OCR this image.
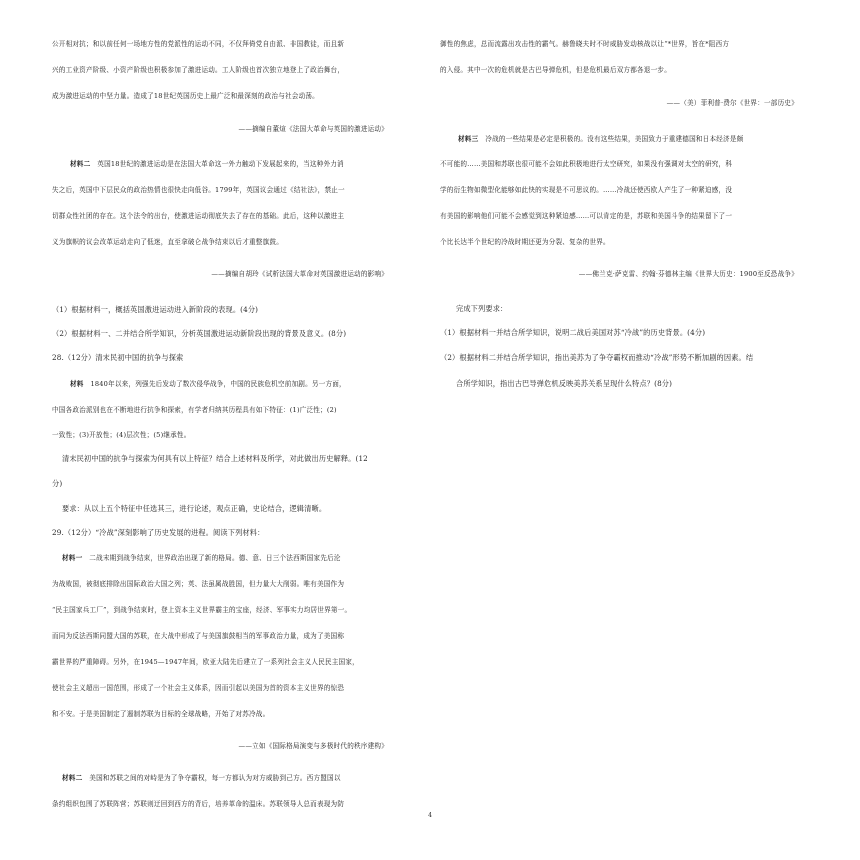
公开相对抗；和以前任何一场地方性的党派性的运动不同，不仅拜倚党自由派、非国教徒，而且新

兴的工业资产阶级、小资产阶级也积极参加了激进运动。工人阶级也首次独立地登上了政治舞台，

成为激进运动的中坚力量。造成了18世纪英国历史上最广泛和最深刻的政治与社会动荡。

——摘编自董煊《法国大革命与英国的激进运动》

材料二 英国18世纪的激进运动是在法国大革命这一外力触动下发展起来的，当这种外力消

失之后，英国中下层民众的政治热情也很快走向低谷。1799年，英国议会通过《结社法》，禁止一

切群众性社团的存在。这个法令的出台，使激进运动彻底失去了存在的基础。此后，这种以激进主

义为旗帜的议会改革运动走向了低迷，直至拿破仑战争结束以后才重整旗鼓。

——摘编自胡玲《试析法国大革命对英国激进运动的影响》

（1）根据材料一，概括英国激进运动进入新阶段的表现。(4分)

（2）根据材料一、二并结合所学知识，分析英国激进运动新阶段出现的背景及意义。(8分)

28.（12分）清末民初中国的抗争与探索

材料 1840年以来，列强先后发动了数次侵华战争，中国的民族危机空前加剧。另一方面，

中国各政治派别也在不断地进行抗争和探索，有学者归纳其历程具有如下特征：(1)广泛性；(2)

一致性；(3)开放性；(4)层次性；(5)继承性。

清末民初中国的抗争与探索为何具有以上特征？结合上述材料及所学，对此做出历史解释。(12

分)

要求：从以上五个特征中任选其三，进行论述，观点正确，史论结合，逻辑清晰。

29.（12分）“冷战”深刻影响了历史发展的进程。阅读下列材料：

材料一 二战末期到战争结束，世界政治出现了新的格局。德、意、日三个法西斯国家先后沦

为战败国，被彻底排除出国际政治大国之列；英、法虽属战胜国，但力量大大削弱。唯有美国作为

“民主国家兵工厂”，到战争结束时，登上资本主义世界霸主的宝座，经济、军事实力均居世界第一。

而同为反法西斯同盟大国的苏联，在大战中形成了与美国旗鼓相当的军事政治力量，成为了美国称

霸世界的严重障碍。另外，在1945—1947年间，欧亚大陆先后建立了一系列社会主义人民民主国家，

使社会主义超出一国范围，形成了一个社会主义体系，因而引起以美国为首的资本主义世界的惊恐

和不安。于是美国制定了遏制苏联为目标的全球战略，开始了对苏冷战。

——立如《国际格局演变与多极时代的秩序建构》

材料二 美国和苏联之间的对峙是为了争夺霸权，每一方都认为对方威胁到己方。西方盟国以

条约组织包围了苏联阵营；苏联则迂回到西方的背后，培养革命的温床。苏联领导人总而表现为防

御性的焦虑，总而流露出攻击性的霸气。赫鲁晓夫时不时威胁发动核战以让“*世界，旨在*阻西方

的入侵。其中一次的危机就是古巴导弹危机，但是危机最后双方都各退一步。

——（美）菲利普·费尔《世界：一部历史》

材料三 冷战的一些结果是必定是积极的。没有这些结果，美国致力于重建德国和日本经济是颇

不可能的……美国和苏联也很可能不会如此积极地进行太空研究，如果没有强调对太空的研究，科

学的衍生物如微型化能够如此快的实现是不可思议的。……冷战还使西欧人产生了一种紧迫感，没

有美国的影响他们可能不会感觉到这种紧迫感……可以肯定的是，苏联和美国斗争的结果留下了一

个比长达半个世纪的冷战时期还更为分裂、复杂的世界。

——佛兰克·萨克雷、约翰·芬德林主编《世界大历史：1900至反恐战争》

完成下列要求：

（1）根据材料一并结合所学知识，说明二战后美国对苏“冷战”的历史背景。(4分)

（2）根据材料二并结合所学知识，指出美苏为了争夺霸权而推动“冷战”形势不断加剧的因素。结

合所学知识，指出古巴导弹危机反映美苏关系呈现什么特点？(8分)

4
